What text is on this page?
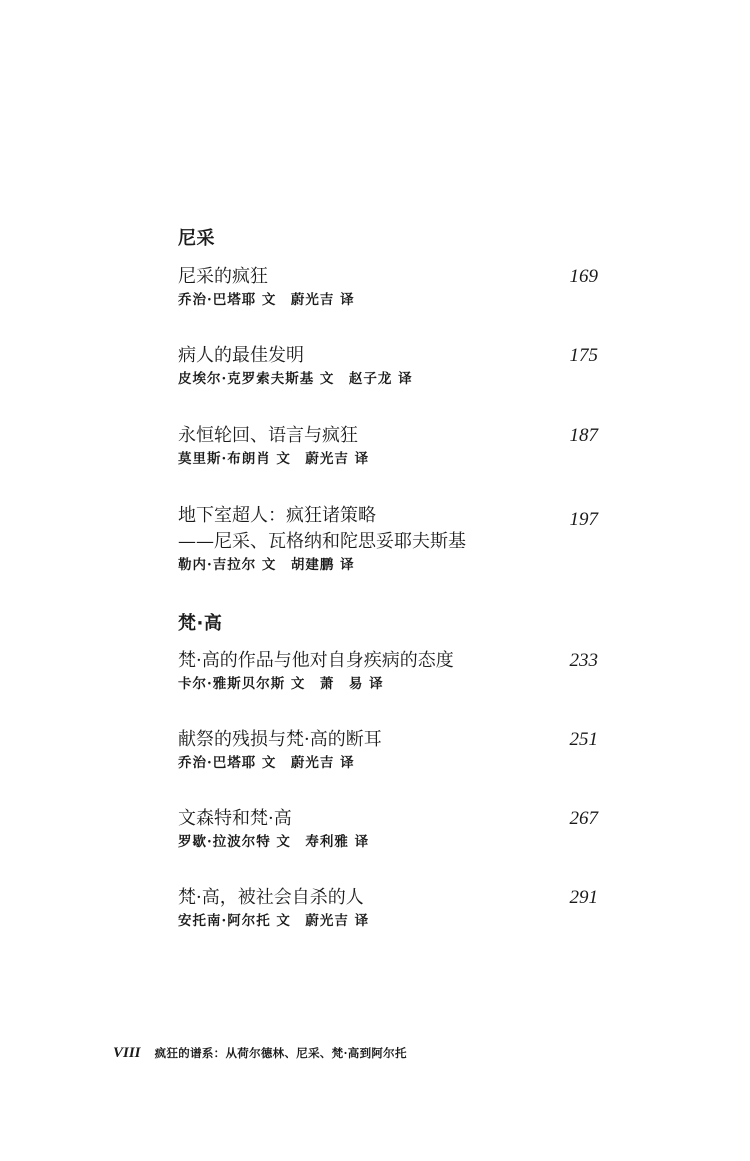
尼采
尼采的疯狂
乔治·巴塔耶 文　蔚光吉 译
169
病人的最佳发明
皮埃尔·克罗索夫斯基 文　赵子龙 译
175
永恒轮回、语言与疯狂
莫里斯·布朗肖 文　蔚光吉 译
187
地下室超人：疯狂诸策略
——尼采、瓦格纳和陀思妥耶夫斯基
勒内·吉拉尔 文　胡建鹏 译
197
梵·高
梵·高的作品与他对自身疾病的态度
卡尔·雅斯贝尔斯 文　萧　易 译
233
献祭的残损与梵·高的断耳
乔治·巴塔耶 文　蔚光吉 译
251
文森特和梵·高
罗歇·拉波尔特 文　寿利雅 译
267
梵·高，被社会自杀的人
安托南·阿尔托 文　蔚光吉 译
291
VIII 疯狂的谱系：从荷尔德林、尼采、梵·高到阿尔托
